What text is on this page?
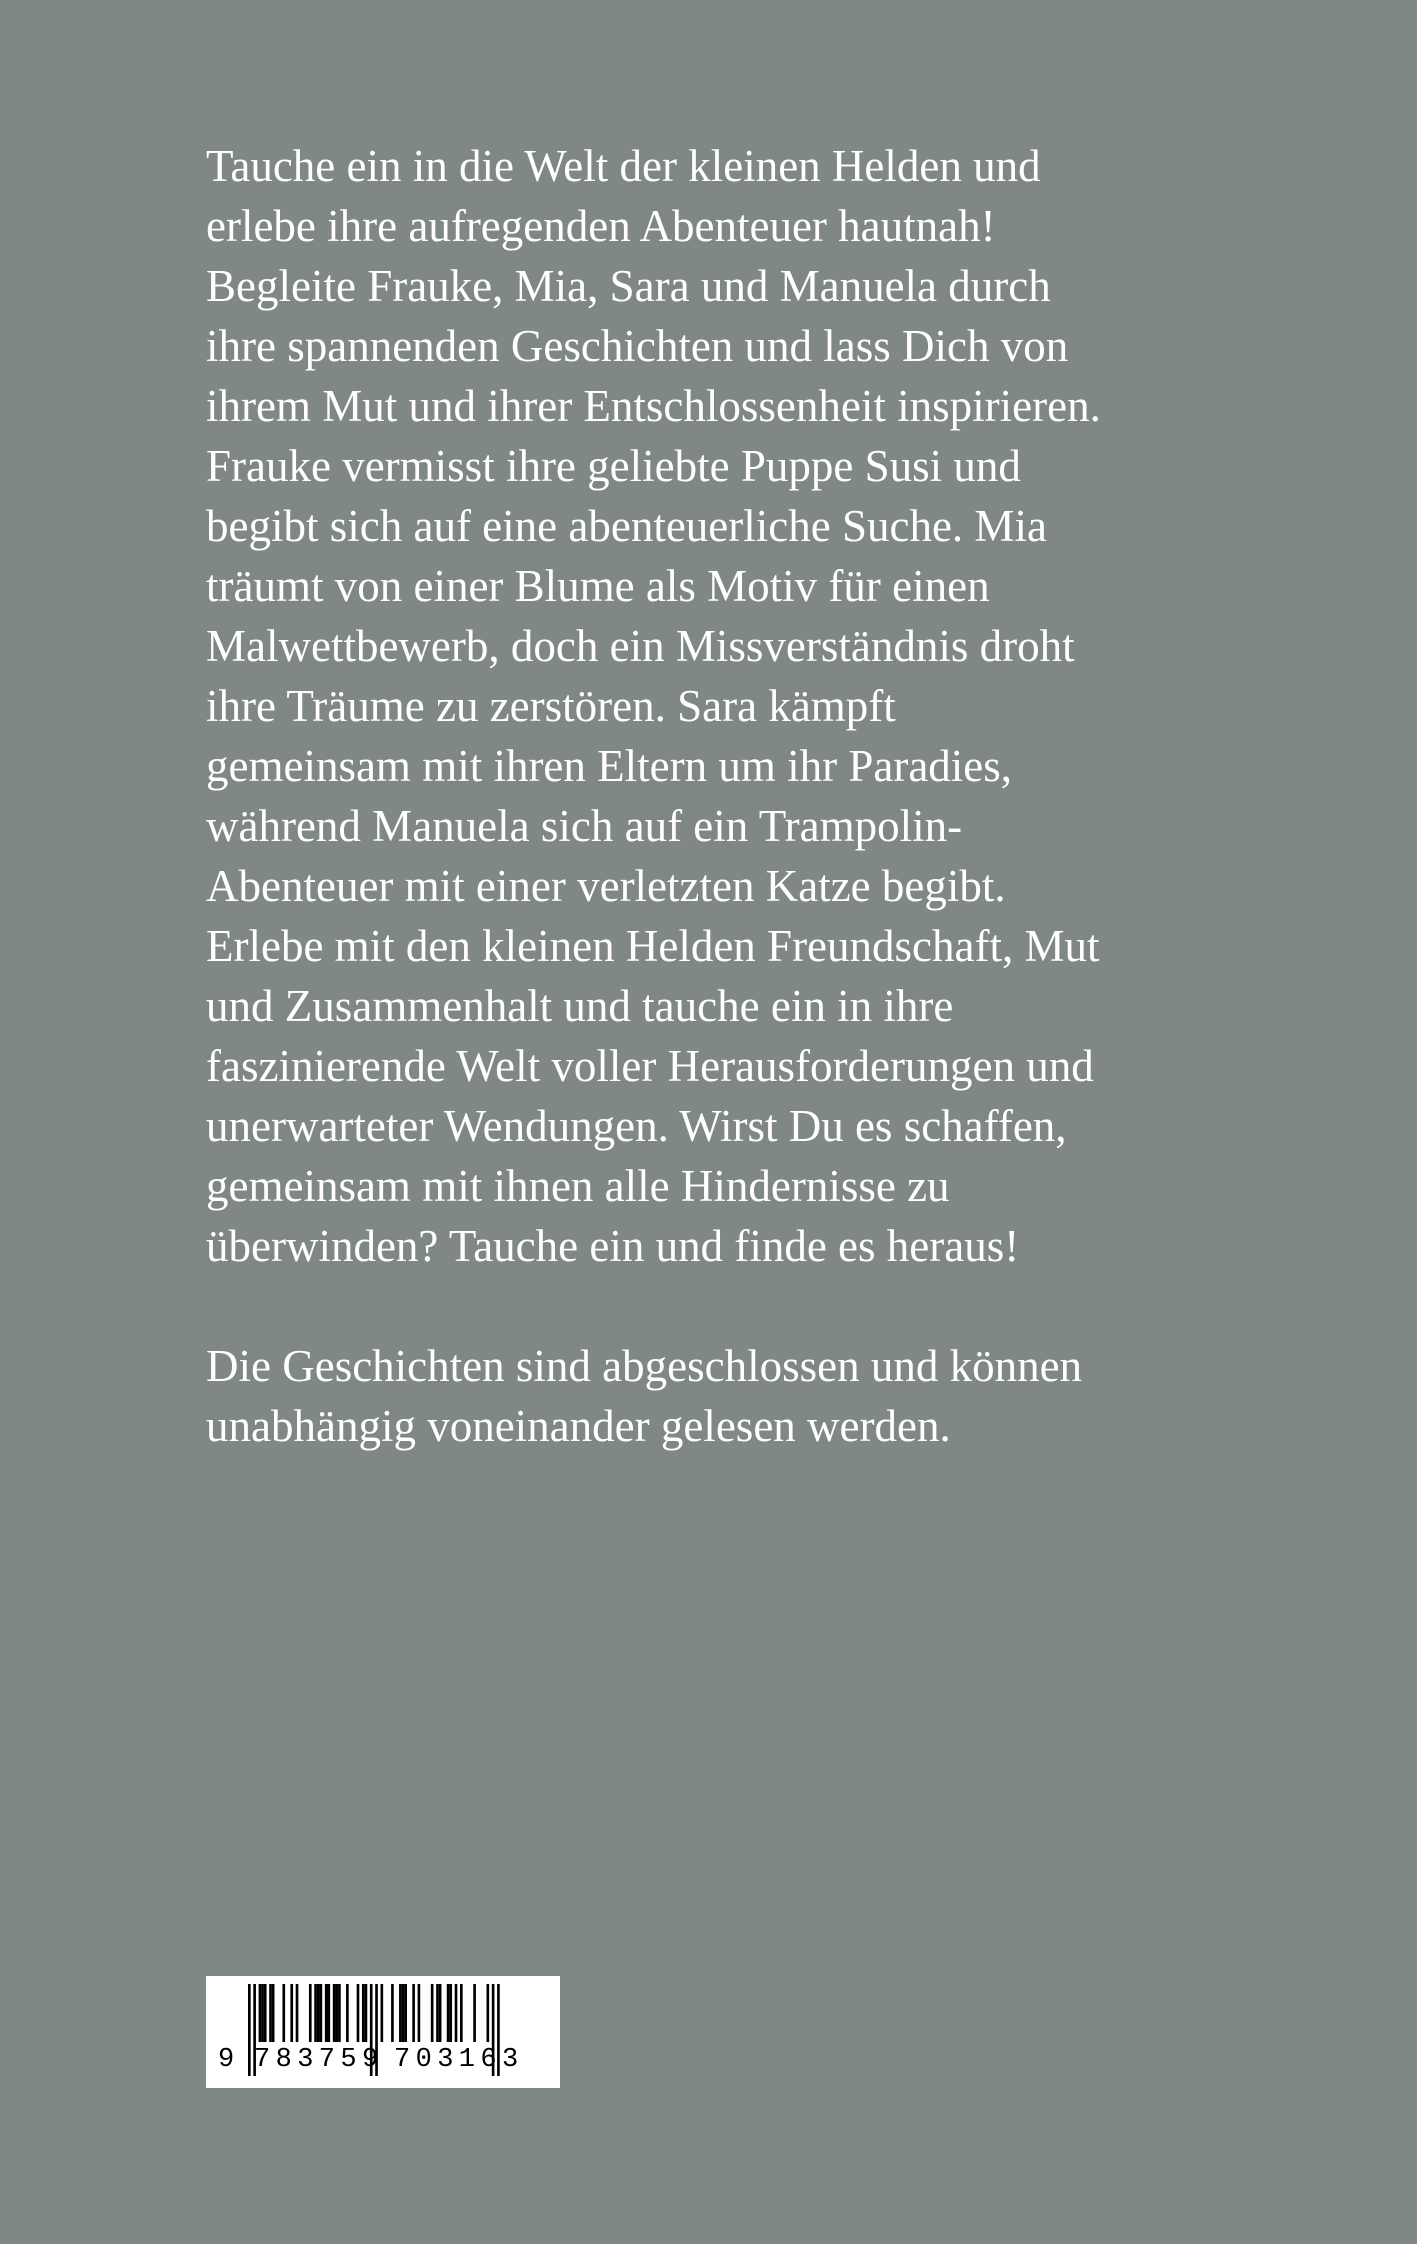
Tauche ein in die Welt der kleinen Helden und
erlebe ihre aufregenden Abenteuer hautnah!
Begleite Frauke, Mia, Sara und Manuela durch
ihre spannenden Geschichten und lass Dich von
ihrem Mut und ihrer Entschlossenheit inspirieren.
Frauke vermisst ihre geliebte Puppe Susi und
begibt sich auf eine abenteuerliche Suche. Mia
träumt von einer Blume als Motiv für einen
Malwettbewerb, doch ein Missverständnis droht
ihre Träume zu zerstören. Sara kämpft
gemeinsam mit ihren Eltern um ihr Paradies,
während Manuela sich auf ein Trampolin-
Abenteuer mit einer verletzten Katze begibt.
Erlebe mit den kleinen Helden Freundschaft, Mut
und Zusammenhalt und tauche ein in ihre
faszinierende Welt voller Herausforderungen und
unerwarteter Wendungen. Wirst Du es schaffen,
gemeinsam mit ihnen alle Hindernisse zu
überwinden? Tauche ein und finde es heraus!

Die Geschichten sind abgeschlossen und können
unabhängig voneinander gelesen werden.

9 783759 703163
